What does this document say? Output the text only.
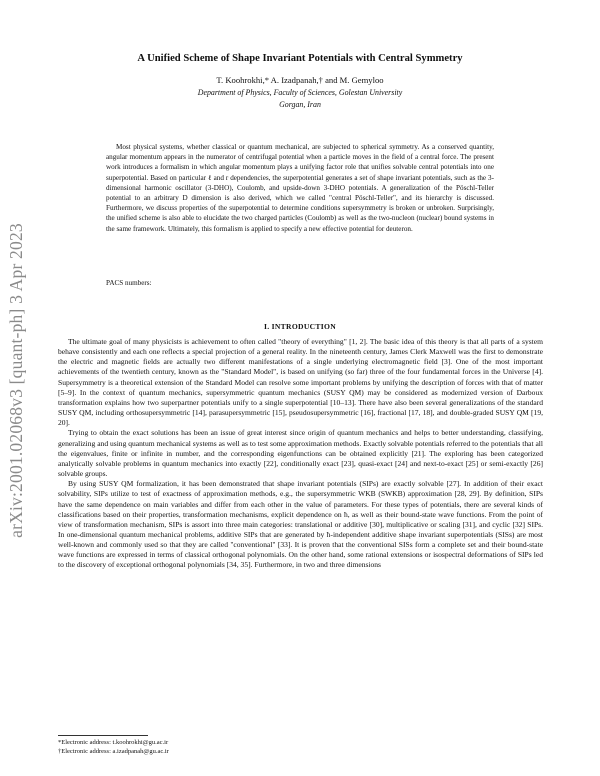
arXiv:2001.02068v3 [quant-ph] 3 Apr 2023
A Unified Scheme of Shape Invariant Potentials with Central Symmetry
T. Koohrokhi,* A. Izadpanah,† and M. Gemyloo
Department of Physics, Faculty of Sciences, Golestan University
Gorgan, Iran
Most physical systems, whether classical or quantum mechanical, are subjected to spherical symmetry. As a conserved quantity, angular momentum appears in the numerator of centrifugal potential when a particle moves in the field of a central force. The present work introduces a formalism in which angular momentum plays a unifying factor role that unifies solvable central potentials into one superpotential. Based on particular ℓ and r dependencies, the superpotential generates a set of shape invariant potentials, such as the 3-dimensional harmonic oscillator (3-DHO), Coulomb, and upside-down 3-DHO potentials. A generalization of the Pöschl-Teller potential to an arbitrary D dimension is also derived, which we called "central Pöschl-Teller", and its hierarchy is discussed. Furthermore, we discuss properties of the superpotential to determine conditions supersymmetry is broken or unbroken. Surprisingly, the unified scheme is also able to elucidate the two charged particles (Coulomb) as well as the two-nucleon (nuclear) bound systems in the same framework. Ultimately, this formalism is applied to specify a new effective potential for deuteron.
PACS numbers:
I. INTRODUCTION

The ultimate goal of many physicists is achievement to often called "theory of everything" [1, 2]. The basic idea of this theory is that all parts of a system behave consistently and each one reflects a special projection of a general reality. In the nineteenth century, James Clerk Maxwell was the first to demonstrate the electric and magnetic fields are actually two different manifestations of a single underlying electromagnetic field [3]. One of the most important achievements of the twentieth century, known as the "Standard Model", is based on unifying (so far) three of the four fundamental forces in the Universe [4]. Supersymmetry is a theoretical extension of the Standard Model can resolve some important problems by unifying the description of forces with that of matter [5–9]. In the context of quantum mechanics, supersymmetric quantum mechanics (SUSY QM) may be considered as modernized version of Darboux transformation explains how two superpartner potentials unify to a single superpotential [10–13]. There have also been several generalizations of the standard SUSY QM, including orthosupersymmetric [14], parasupersymmetric [15], pseudosupersymmetric [16], fractional [17, 18], and double-graded SUSY QM [19, 20].

Trying to obtain the exact solutions has been an issue of great interest since origin of quantum mechanics and helps to better understanding, classifying, generalizing and using quantum mechanical systems as well as to test some approximation methods. Exactly solvable potentials referred to the potentials that all the eigenvalues, finite or infinite in number, and the corresponding eigenfunctions can be obtained explicitly [21]. The exploring has been categorized analytically solvable problems in quantum mechanics into exactly [22], conditionally exact [23], quasi-exact [24] and next-to-exact [25] or semi-exactly [26] solvable groups.

By using SUSY QM formalization, it has been demonstrated that shape invariant potentials (SIPs) are exactly solvable [27]. In addition of their exact solvability, SIPs utilize to test of exactness of approximation methods, e.g., the supersymmetric WKB (SWKB) approximation [28, 29]. By definition, SIPs have the same dependence on main variables and differ from each other in the value of parameters. For these types of potentials, there are several kinds of classifications based on their properties, transformation mechanisms, explicit dependence on ħ, as well as their bound-state wave functions. From the point of view of transformation mechanism, SIPs is assort into three main categories: translational or additive [30], multiplicative or scaling [31], and cyclic [32] SIPs. In one-dimensional quantum mechanical problems, additive SIPs that are generated by ħ-independent additive shape invariant superpotentials (SISs) are most well-known and commonly used so that they are called "conventional" [33]. It is proven that the conventional SISs form a complete set and their bound-state wave functions are expressed in terms of classical orthogonal polynomials. On the other hand, some rational extensions or isospectral deformations of SIPs led to the discovery of exceptional orthogonal polynomials [34, 35]. Furthermore, in two and three dimensions

*Electronic address: t.koohrokhi@gu.ac.ir
†Electronic address: a.izadpanah@gu.ac.ir
